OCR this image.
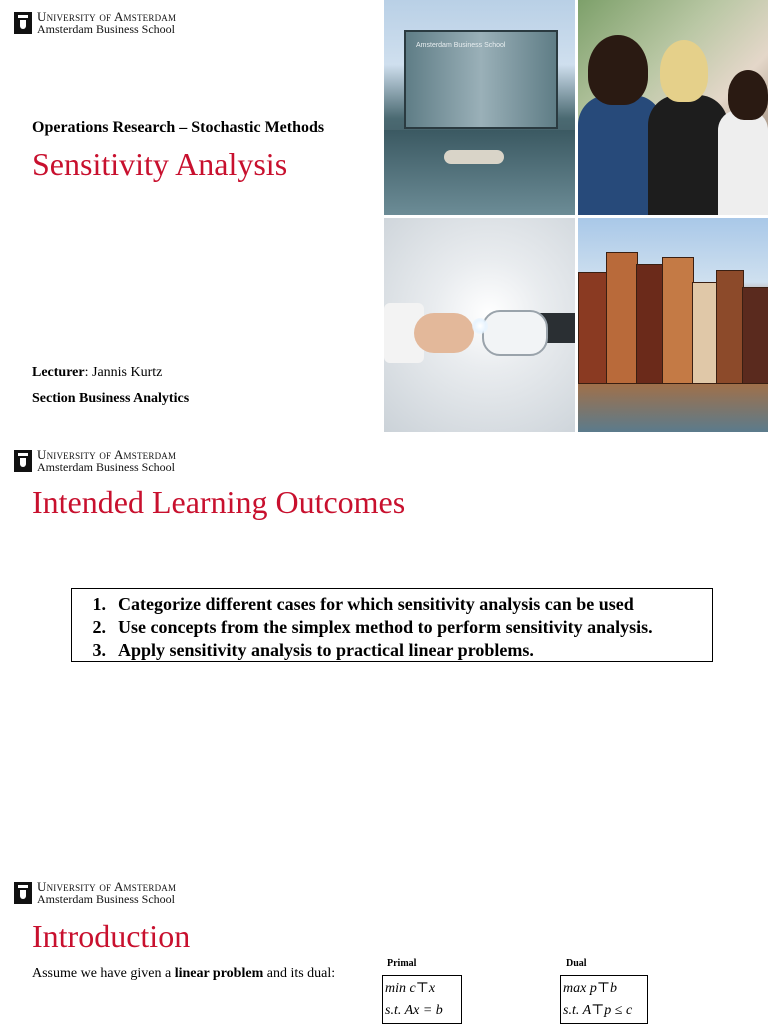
University of Amsterdam
Amsterdam Business School
Operations Research – Stochastic Methods
Sensitivity Analysis
Lecturer: Jannis Kurtz
Section Business Analytics
Amsterdam Business School
University of Amsterdam
Amsterdam Business School
Intended Learning Outcomes
1. Categorize different cases for which sensitivity analysis can be used
2. Use concepts from the simplex method to perform sensitivity analysis.
3. Apply sensitivity analysis to practical linear problems.
University of Amsterdam
Amsterdam Business School
Introduction
Assume we have given a linear problem and its dual:
Primal
min c⊤x
s.t. Ax = b
Dual
max p⊤b
s.t. A⊤p ≤ c
